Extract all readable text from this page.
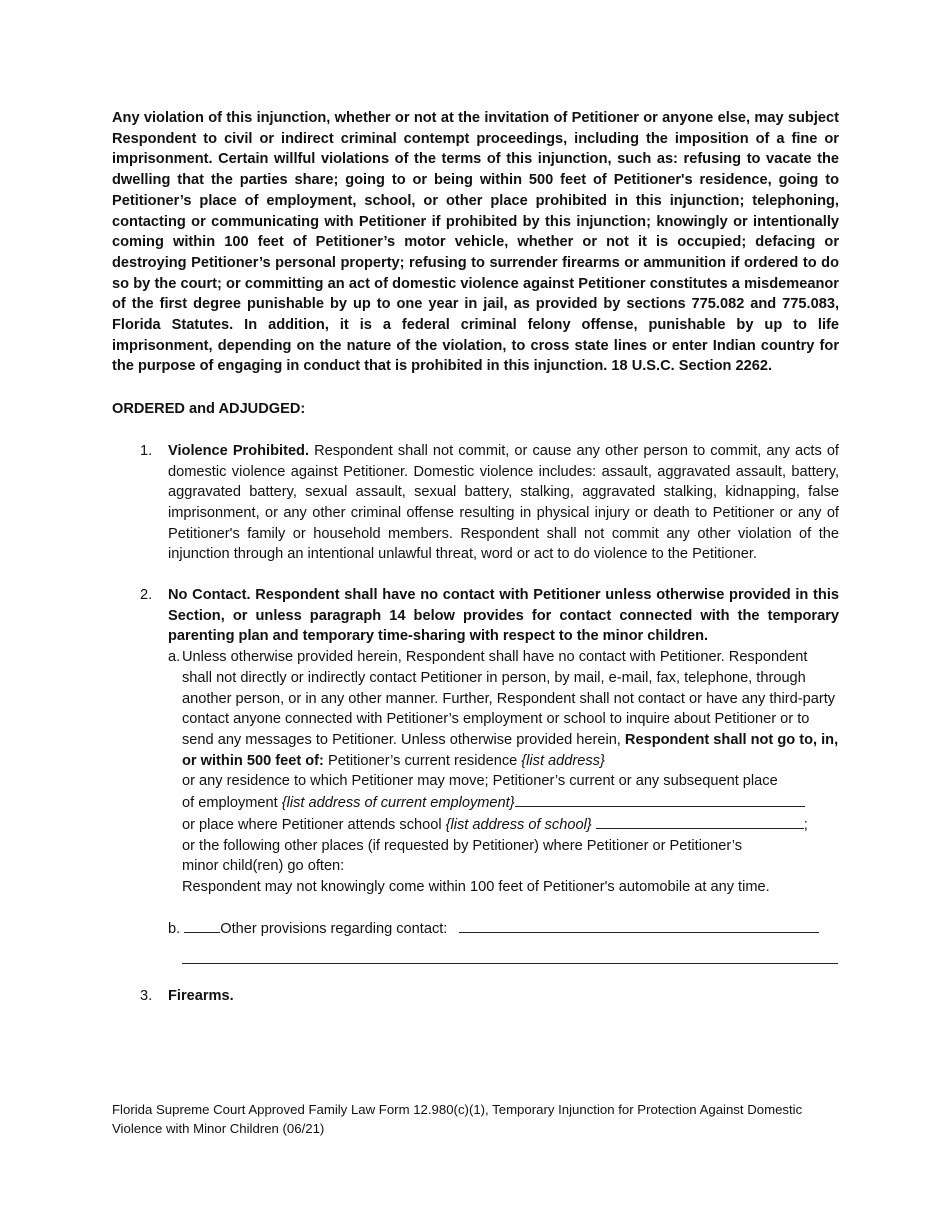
Any violation of this injunction, whether or not at the invitation of Petitioner or anyone else, may subject Respondent to civil or indirect criminal contempt proceedings, including the imposition of a fine or imprisonment. Certain willful violations of the terms of this injunction, such as: refusing to vacate the dwelling that the parties share; going to or being within 500 feet of Petitioner's residence, going to Petitioner’s place of employment, school, or other place prohibited in this injunction; telephoning, contacting or communicating with Petitioner if prohibited by this injunction; knowingly or intentionally coming within 100 feet of Petitioner’s motor vehicle, whether or not it is occupied; defacing or destroying Petitioner’s personal property; refusing to surrender firearms or ammunition if ordered to do so by the court; or committing an act of domestic violence against Petitioner constitutes a misdemeanor of the first degree punishable by up to one year in jail, as provided by sections 775.082 and 775.083, Florida Statutes. In addition, it is a federal criminal felony offense, punishable by up to life imprisonment, depending on the nature of the violation, to cross state lines or enter Indian country for the purpose of engaging in conduct that is prohibited in this injunction. 18 U.S.C. Section 2262.

ORDERED and ADJUDGED:

1. Violence Prohibited. Respondent shall not commit, or cause any other person to commit, any acts of domestic violence against Petitioner. Domestic violence includes: assault, aggravated assault, battery, aggravated battery, sexual assault, sexual battery, stalking, aggravated stalking, kidnapping, false imprisonment, or any other criminal offense resulting in physical injury or death to Petitioner or any of Petitioner's family or household members. Respondent shall not commit any other violation of the injunction through an intentional unlawful threat, word or act to do violence to the Petitioner.

2. No Contact. Respondent shall have no contact with Petitioner unless otherwise provided in this Section, or unless paragraph 14 below provides for contact connected with the temporary parenting plan and temporary time-sharing with respect to the minor children.

a. Unless otherwise provided herein, Respondent shall have no contact with Petitioner. Respondent shall not directly or indirectly contact Petitioner in person, by mail, e-mail, fax, telephone, through another person, or in any other manner. Further, Respondent shall not contact or have any third-party contact anyone connected with Petitioner’s employment or school to inquire about Petitioner or to send any messages to Petitioner. Unless otherwise provided herein, Respondent shall not go to, in, or within 500 feet of: Petitioner’s current residence {list address}
or any residence to which Petitioner may move; Petitioner’s current or any subsequent place
of employment {list address of current employment}
or place where Petitioner attends school {list address of school}	;
or the following other places (if requested by Petitioner) where Petitioner or Petitioner’s
minor child(ren) go often:
Respondent may not knowingly come within 100 feet of Petitioner's automobile at any time.
b.	Other provisions regarding contact:
3. Firearms.
Florida Supreme Court Approved Family Law Form 12.980(c)(1), Temporary Injunction for Protection Against Domestic Violence with Minor Children (06/21)
